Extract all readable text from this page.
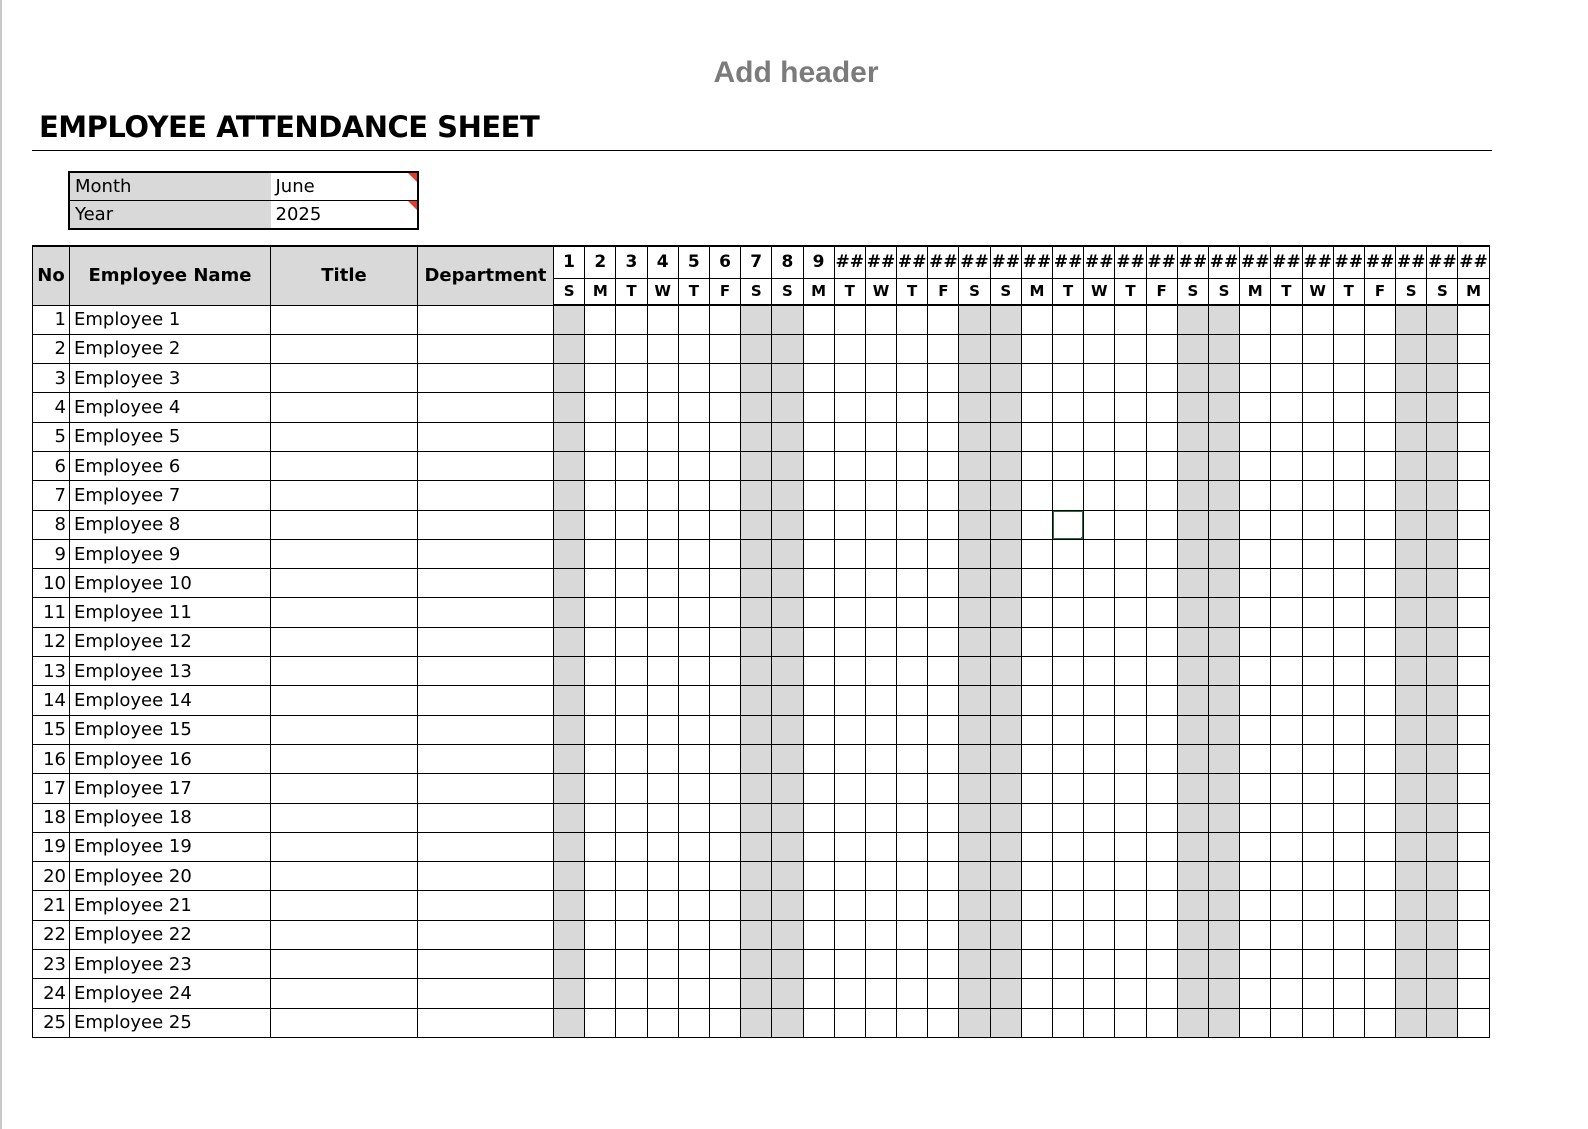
Add header
EMPLOYEE ATTENDANCE SHEET
Month	June

Year	2025
No	Employee Name	Title	Department	1	2	3	4	5	6	7	8	9	##	##	##	##	##	##	##	##	##	##	##	##	##	##	##	##	##	##	##	##	##
				S	M	T	W	T	F	S	S	M	T	W	T	F	S	S	M	T	W	T	F	S	S	M	T	W	T	F	S	S	M
1	Employee 1																																
2	Employee 2																																
3	Employee 3																																
4	Employee 4																																
5	Employee 5																																
6	Employee 6																																
7	Employee 7																																
8	Employee 8																																
9	Employee 9																																
10	Employee 10																																
11	Employee 11																																
12	Employee 12																																
13	Employee 13																																
14	Employee 14																																
15	Employee 15																																
16	Employee 16																																
17	Employee 17																																
18	Employee 18																																
19	Employee 19																																
20	Employee 20																																
21	Employee 21																																
22	Employee 22																																
23	Employee 23																																
24	Employee 24																																
25	Employee 25																																
